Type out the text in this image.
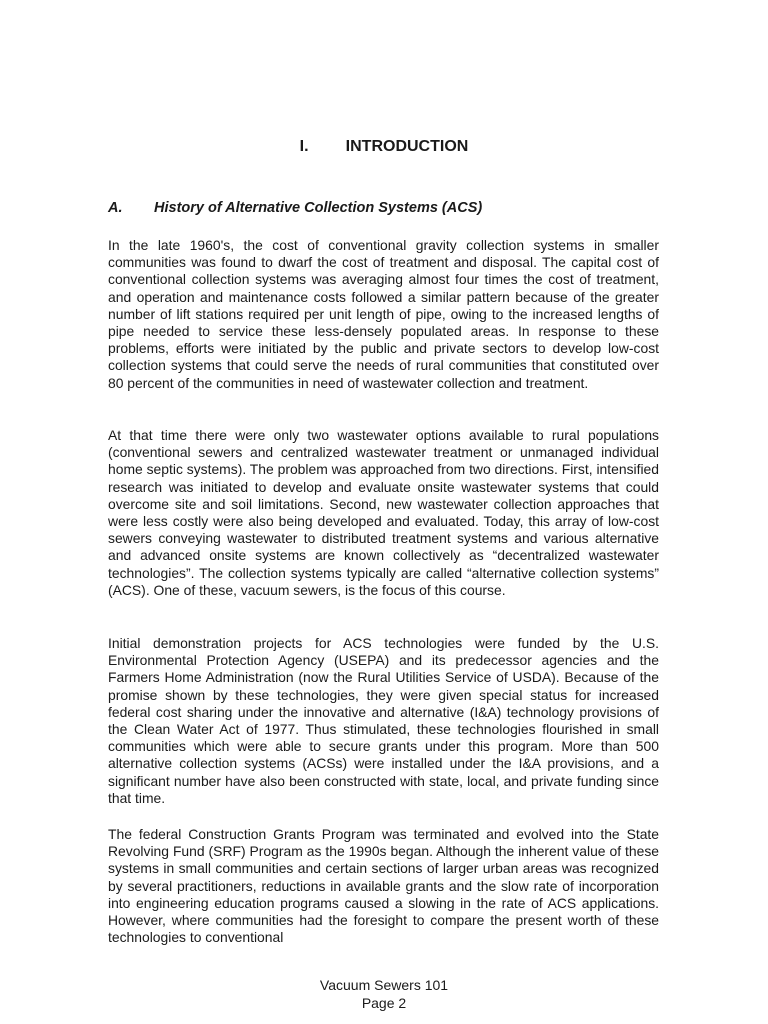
I. INTRODUCTION
A. History of Alternative Collection Systems (ACS)

In the late 1960's, the cost of conventional gravity collection systems in smaller communities was found to dwarf the cost of treatment and disposal. The capital cost of conventional collection systems was averaging almost four times the cost of treatment, and operation and maintenance costs followed a similar pattern because of the greater number of lift stations required per unit length of pipe, owing to the increased lengths of pipe needed to service these less-densely populated areas. In response to these problems, efforts were initiated by the public and private sectors to develop low-cost collection systems that could serve the needs of rural communities that constituted over 80 percent of the communities in need of wastewater collection and treatment.

At that time there were only two wastewater options available to rural populations (conventional sewers and centralized wastewater treatment or unmanaged individual home septic systems). The problem was approached from two directions. First, intensified research was initiated to develop and evaluate onsite wastewater systems that could overcome site and soil limitations. Second, new wastewater collection approaches that were less costly were also being developed and evaluated. Today, this array of low-cost sewers conveying wastewater to distributed treatment systems and various alternative and advanced onsite systems are known collectively as “decentralized wastewater technologies”. The collection systems typically are called “alternative collection systems” (ACS). One of these, vacuum sewers, is the focus of this course.

Initial demonstration projects for ACS technologies were funded by the U.S. Environmental Protection Agency (USEPA) and its predecessor agencies and the Farmers Home Administration (now the Rural Utilities Service of USDA). Because of the promise shown by these technologies, they were given special status for increased federal cost sharing under the innovative and alternative (I&A) technology provisions of the Clean Water Act of 1977. Thus stimulated, these technologies flourished in small communities which were able to secure grants under this program. More than 500 alternative collection systems (ACSs) were installed under the I&A provisions, and a significant number have also been constructed with state, local, and private funding since that time.

The federal Construction Grants Program was terminated and evolved into the State Revolving Fund (SRF) Program as the 1990s began. Although the inherent value of these systems in small communities and certain sections of larger urban areas was recognized by several practitioners, reductions in available grants and the slow rate of incorporation into engineering education programs caused a slowing in the rate of ACS applications. However, where communities had the foresight to compare the present worth of these technologies to conventional

Vacuum Sewers 101

Page 2
